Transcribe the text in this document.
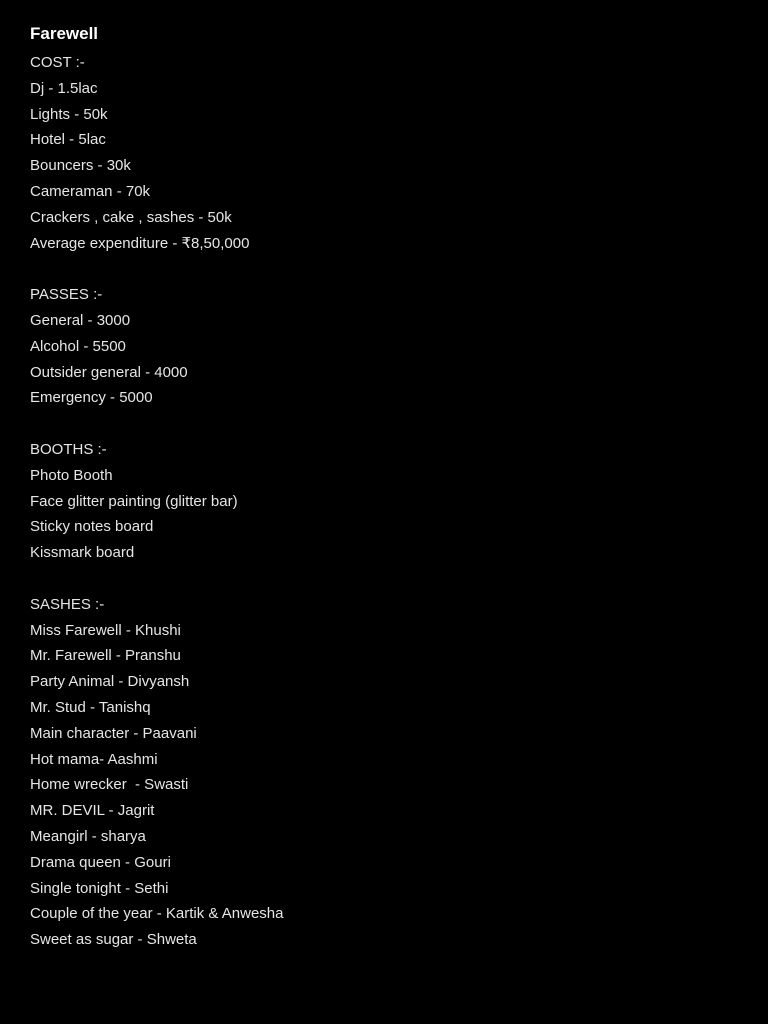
Farewell
COST :-
Dj - 1.5lac
Lights - 50k
Hotel - 5lac
Bouncers - 30k
Cameraman - 70k
Crackers , cake , sashes - 50k
Average expenditure - ₹8,50,000
PASSES :-
General - 3000
Alcohol - 5500
Outsider general - 4000
Emergency - 5000
BOOTHS :-
Photo Booth
Face glitter painting (glitter bar)
Sticky notes board
Kissmark board
SASHES :-
Miss Farewell - Khushi
Mr. Farewell - Pranshu
Party Animal - Divyansh
Mr. Stud - Tanishq
Main character - Paavani
Hot mama- Aashmi
Home wrecker  - Swasti
MR. DEVIL - Jagrit
Meangirl - sharya
Drama queen - Gouri
Single tonight - Sethi
Couple of the year - Kartik & Anwesha
Sweet as sugar - Shweta
